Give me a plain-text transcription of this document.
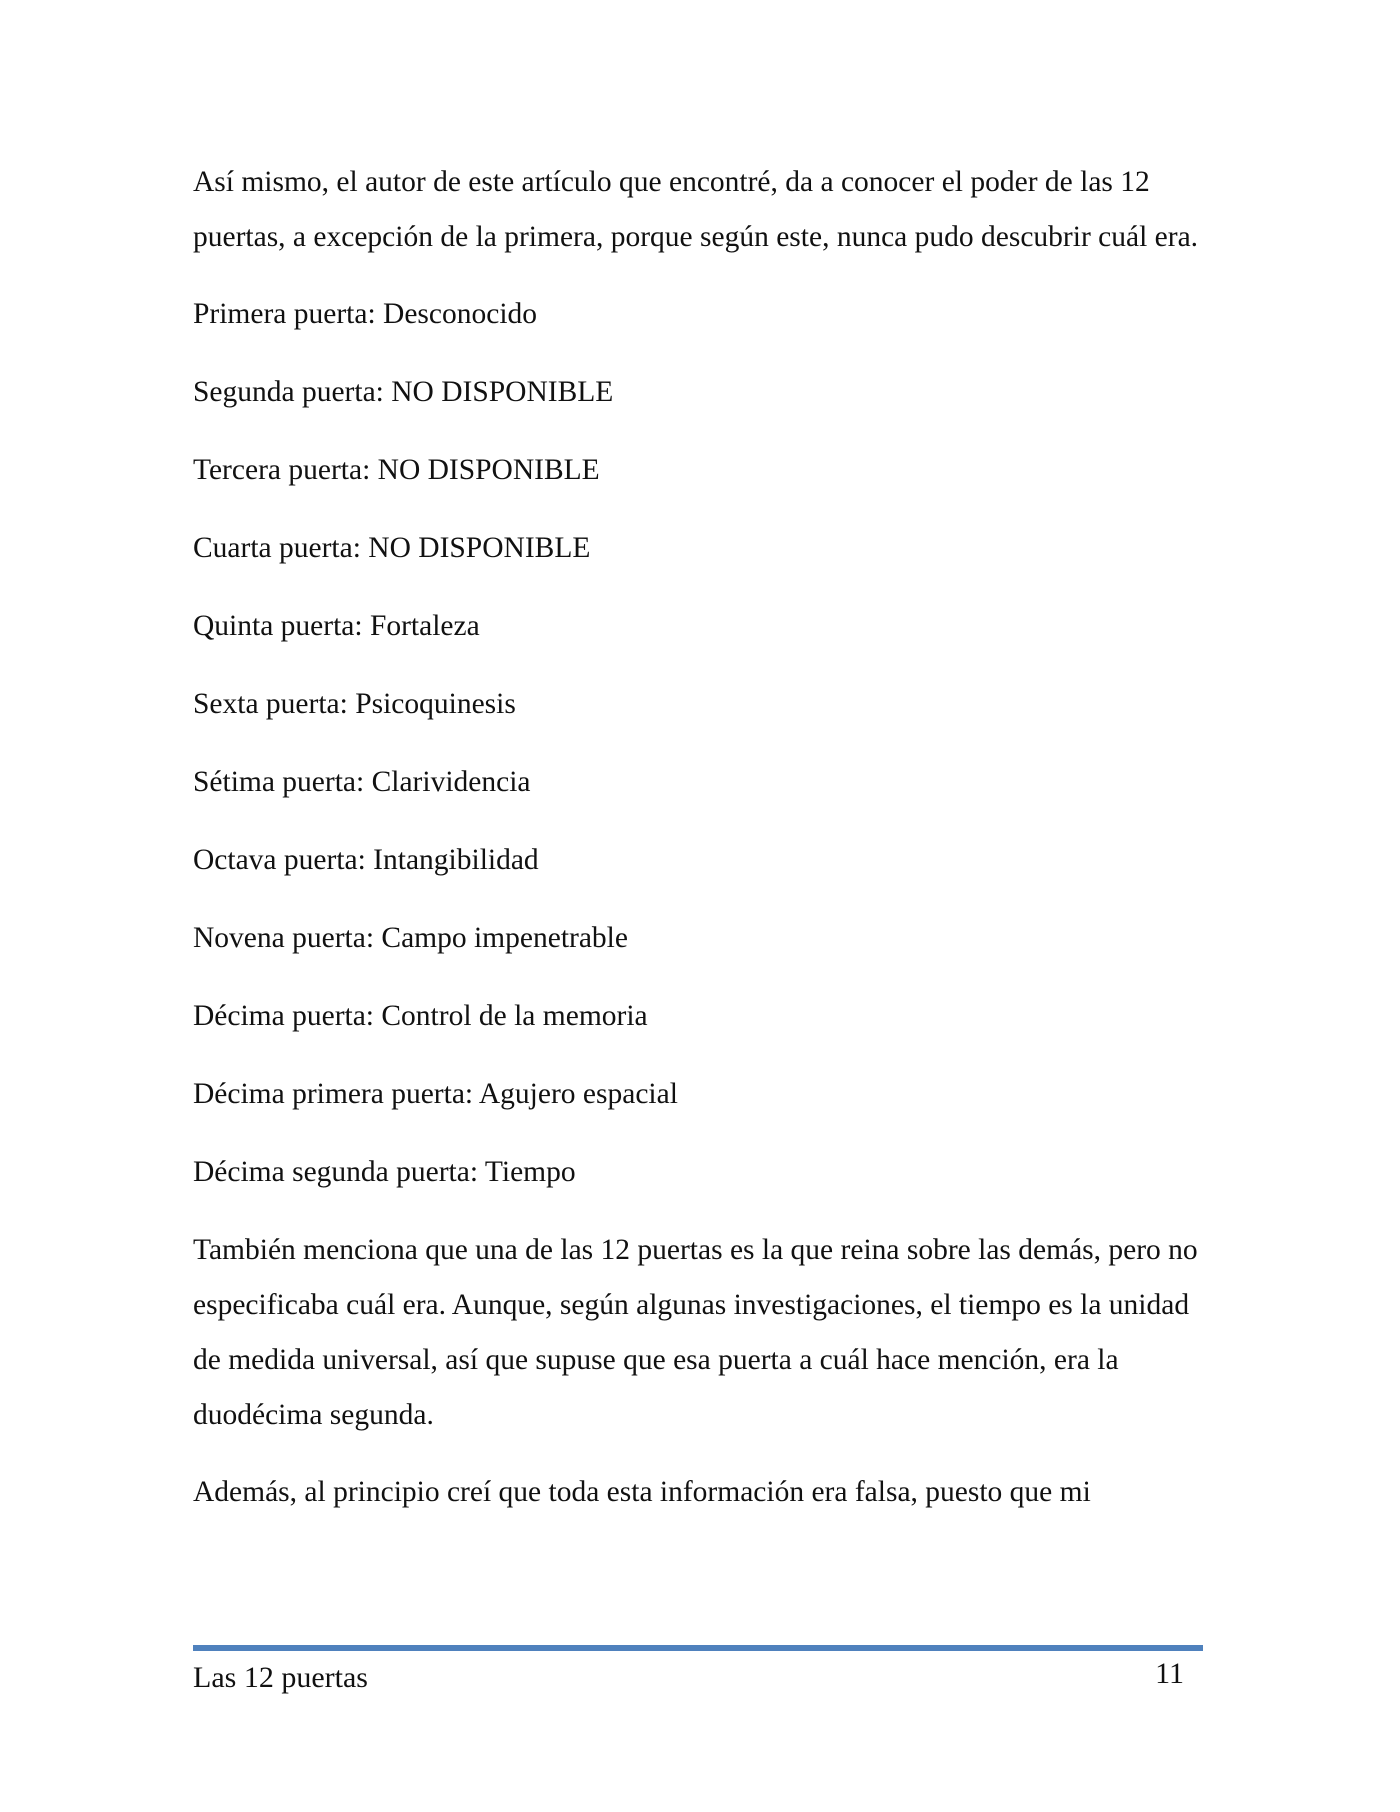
Así mismo, el autor de este artículo que encontré, da a conocer el poder de las 12 puertas, a excepción de la primera, porque según este, nunca pudo descubrir cuál era.

Primera puerta: Desconocido

Segunda puerta: NO DISPONIBLE

Tercera puerta: NO DISPONIBLE

Cuarta puerta: NO DISPONIBLE

Quinta puerta: Fortaleza

Sexta puerta: Psicoquinesis

Sétima puerta: Clarividencia

Octava puerta: Intangibilidad

Novena puerta: Campo impenetrable

Décima puerta: Control de la memoria

Décima primera puerta: Agujero espacial

Décima segunda puerta: Tiempo

También menciona que una de las 12 puertas es la que reina sobre las demás, pero no especificaba cuál era. Aunque, según algunas investigaciones, el tiempo es la unidad de medida universal, así que supuse que esa puerta a cuál hace mención, era la duodécima segunda.

Además, al principio creí que toda esta información era falsa, puesto que mi

Las 12 puertas	11
